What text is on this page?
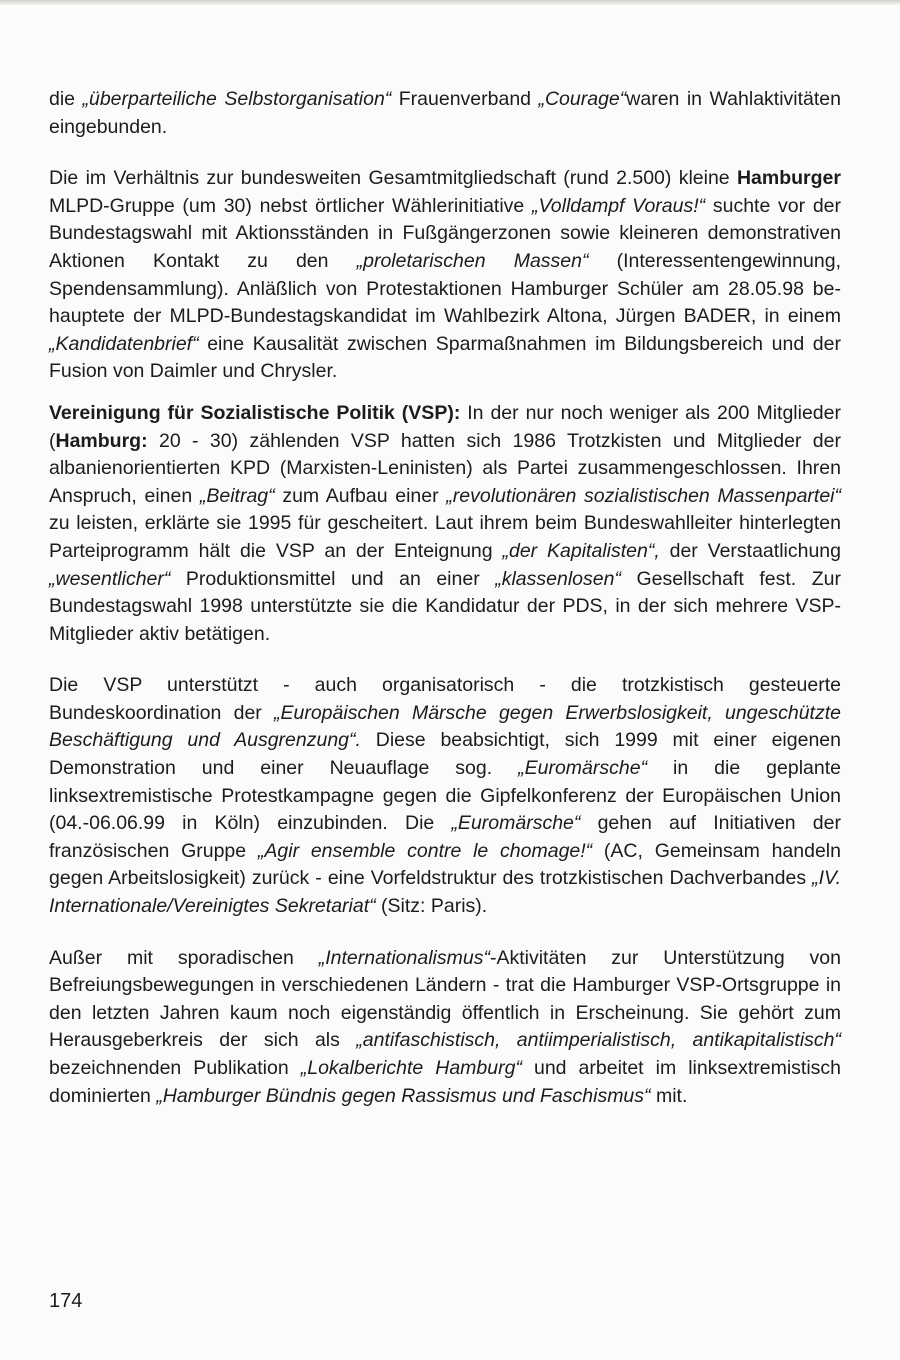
die „überparteiliche Selbstorganisation“ Frauenverband „Courage“waren in Wahlaktivitäten eingebunden.

Die im Verhältnis zur bundesweiten Gesamtmitgliedschaft (rund 2.500) kleine Hamburger MLPD-Gruppe (um 30) nebst örtlicher Wählerinitiative „Volldampf Voraus!“ suchte vor der Bundestagswahl mit Aktionsständen in Fußgängerzonen sowie kleineren demonstrativen Aktionen Kontakt zu den „proletarischen Massen“ (Interessentengewinnung, Spendensammlung). Anläßlich von Protestaktionen Hamburger Schüler am 28.05.98 behauptete der MLPD-Bundestagskandidat im Wahlbezirk Altona, Jürgen BADER, in einem „Kandidatenbrief“ eine Kausalität zwischen Sparmaßnahmen im Bildungsbereich und der Fusion von Daimler und Chrysler.

Vereinigung für Sozialistische Politik (VSP): In der nur noch weniger als 200 Mitglieder (Hamburg: 20 - 30) zählenden VSP hatten sich 1986 Trotzkisten und Mitglieder der albanienorientierten KPD (Marxisten-Leninisten) als Partei zusammengeschlossen. Ihren Anspruch, einen „Beitrag“ zum Aufbau einer „revolutionären sozialistischen Massenpartei“ zu leisten, erklärte sie 1995 für gescheitert. Laut ihrem beim Bundeswahlleiter hinterlegten Parteiprogramm hält die VSP an der Enteignung „der Kapitalisten“, der Verstaatlichung „wesentlicher“ Produktionsmittel und an einer „klassenlosen“ Gesellschaft fest. Zur Bundestagswahl 1998 unterstützte sie die Kandidatur der PDS, in der sich mehrere VSP-Mitglieder aktiv betätigen.

Die VSP unterstützt - auch organisatorisch - die trotzkistisch gesteuerte Bundeskoordination der „Europäischen Märsche gegen Erwerbslosigkeit, ungeschützte Beschäftigung und Ausgrenzung“. Diese beabsichtigt, sich 1999 mit einer eigenen Demonstration und einer Neuauflage sog. „Euromärsche“ in die geplante linksextremistische Protestkampagne gegen die Gipfelkonferenz der Europäischen Union (04.-06.06.99 in Köln) einzubinden. Die „Euromärsche“ gehen auf Initiativen der französischen Gruppe „Agir ensemble contre le chomage!“ (AC, Gemeinsam handeln gegen Arbeitslosigkeit) zurück - eine Vorfeldstruktur des trotzkistischen Dachverbandes „IV. Internationale/Vereinigtes Sekretariat“ (Sitz: Paris).

Außer mit sporadischen „Internationalismus“-Aktivitäten zur Unterstützung von Befreiungsbewegungen in verschiedenen Ländern - trat die Hamburger VSP-Ortsgruppe in den letzten Jahren kaum noch eigenständig öffentlich in Erscheinung. Sie gehört zum Herausgeberkreis der sich als „antifaschistisch, antiimperialistisch, antikapitalistisch“ bezeichnenden Publikation „Lokalberichte Hamburg“ und arbeitet im linksextremistisch dominierten „Hamburger Bündnis gegen Rassismus und Faschismus“ mit.

174
